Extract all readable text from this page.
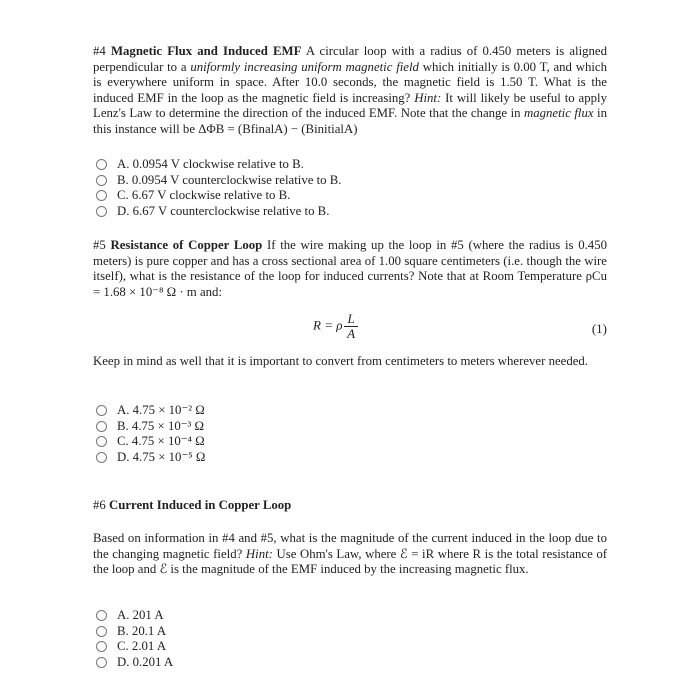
#4 Magnetic Flux and Induced EMF A circular loop with a radius of 0.450 meters is aligned perpendicular to a uniformly increasing uniform magnetic field which initially is 0.00 T, and which is everywhere uniform in space. After 10.0 seconds, the magnetic field is 1.50 T. What is the induced EMF in the loop as the magnetic field is increasing? Hint: It will likely be useful to apply Lenz's Law to determine the direction of the induced EMF. Note that the change in magnetic flux in this instance will be ΔΦB = (BfinalA) − (BinitialA)
A. 0.0954 V clockwise relative to B.
B. 0.0954 V counterclockwise relative to B.
C. 6.67 V clockwise relative to B.
D. 6.67 V counterclockwise relative to B.
#5 Resistance of Copper Loop If the wire making up the loop in #5 (where the radius is 0.450 meters) is pure copper and has a cross sectional area of 1.00 square centimeters (i.e. though the wire itself), what is the resistance of the loop for induced currents? Note that at Room Temperature ρCu = 1.68 × 10⁻⁸ Ω · m and:
R = ρ $\frac{L}{A}$	(1)
Keep in mind as well that it is important to convert from centimeters to meters wherever needed.
A. 4.75 × 10⁻² Ω
B. 4.75 × 10⁻³ Ω
C. 4.75 × 10⁻⁴ Ω
D. 4.75 × 10⁻⁵ Ω
#6 Current Induced in Copper Loop
Based on information in #4 and #5, what is the magnitude of the current induced in the loop due to the changing magnetic field? Hint: Use Ohm's Law, where ℰ = iR where R is the total resistance of the loop and ℰ is the magnitude of the EMF induced by the increasing magnetic flux.
A. 201 A
B. 20.1 A
C. 2.01 A
D. 0.201 A
